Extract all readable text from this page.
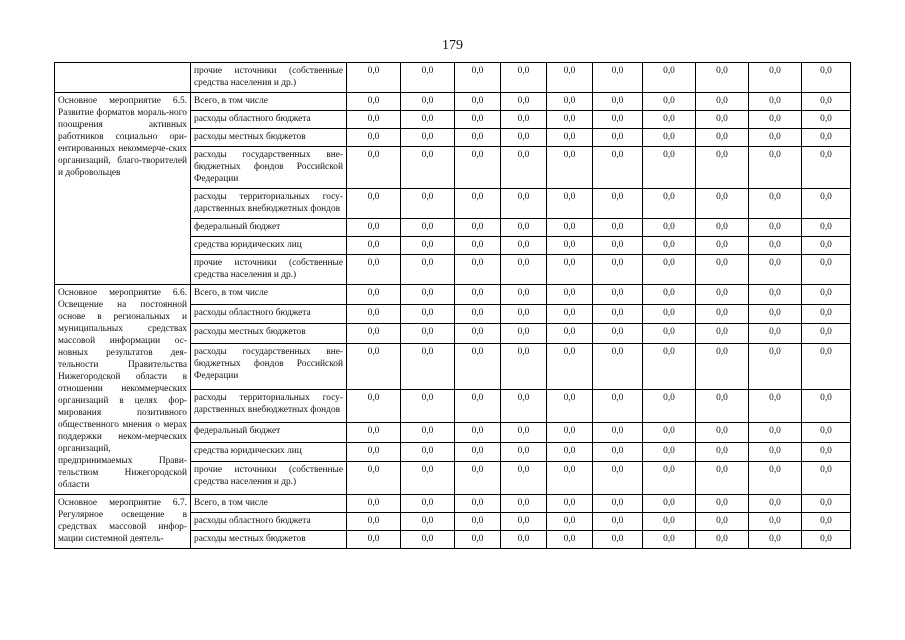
179
	прочие источники (собственные средства населения и др.)	0,0	0,0	0,0	0,0	0,0	0,0	0,0	0,0	0,0	0,0
Основное мероприятие 6.5. Развитие форматов мораль-ного поощрения активных работников социально ори-ентированных некоммерче-ских организаций, благо-творителей и добровольцев	Всего, в том числе	0,0	0,0	0,0	0,0	0,0	0,0	0,0	0,0	0,0	0,0
	расходы областного бюджета	0,0	0,0	0,0	0,0	0,0	0,0	0,0	0,0	0,0	0,0
	расходы местных бюджетов	0,0	0,0	0,0	0,0	0,0	0,0	0,0	0,0	0,0	0,0
	расходы государственных вне-бюджетных фондов Российской Федерации	0,0	0,0	0,0	0,0	0,0	0,0	0,0	0,0	0,0	0,0
	расходы территориальных госу-дарственных внебюджетных фондов	0,0	0,0	0,0	0,0	0,0	0,0	0,0	0,0	0,0	0,0
	федеральный бюджет	0,0	0,0	0,0	0,0	0,0	0,0	0,0	0,0	0,0	0,0
	средства юридических лиц	0,0	0,0	0,0	0,0	0,0	0,0	0,0	0,0	0,0	0,0
	прочие источники (собственные средства населения и др.)	0,0	0,0	0,0	0,0	0,0	0,0	0,0	0,0	0,0	0,0
Основное мероприятие 6.6. Освещение на постоянной основе в региональных и муниципальных средствах массовой информации ос-новных результатов дея-тельности Правительства Нижегородской области в отношении некоммерческих организаций в целях фор-мирования позитивного общественного мнения о мерах поддержки неком-мерческих организаций, предпринимаемых Прави-тельством Нижегородской области	Всего, в том числе	0,0	0,0	0,0	0,0	0,0	0,0	0,0	0,0	0,0	0,0
	расходы областного бюджета	0,0	0,0	0,0	0,0	0,0	0,0	0,0	0,0	0,0	0,0
	расходы местных бюджетов	0,0	0,0	0,0	0,0	0,0	0,0	0,0	0,0	0,0	0,0
	расходы государственных вне-бюджетных фондов Российской Федерации	0,0	0,0	0,0	0,0	0,0	0,0	0,0	0,0	0,0	0,0
	расходы территориальных госу-дарственных внебюджетных фондов	0,0	0,0	0,0	0,0	0,0	0,0	0,0	0,0	0,0	0,0
	федеральный бюджет	0,0	0,0	0,0	0,0	0,0	0,0	0,0	0,0	0,0	0,0
	средства юридических лиц	0,0	0,0	0,0	0,0	0,0	0,0	0,0	0,0	0,0	0,0
	прочие источники (собственные средства населения и др.)	0,0	0,0	0,0	0,0	0,0	0,0	0,0	0,0	0,0	0,0
Основное мероприятие 6.7. Регулярное освещение в средствах массовой инфор-мации системной деятель-	Всего, в том числе	0,0	0,0	0,0	0,0	0,0	0,0	0,0	0,0	0,0	0,0
	расходы областного бюджета	0,0	0,0	0,0	0,0	0,0	0,0	0,0	0,0	0,0	0,0
	расходы местных бюджетов	0,0	0,0	0,0	0,0	0,0	0,0	0,0	0,0	0,0	0,0
